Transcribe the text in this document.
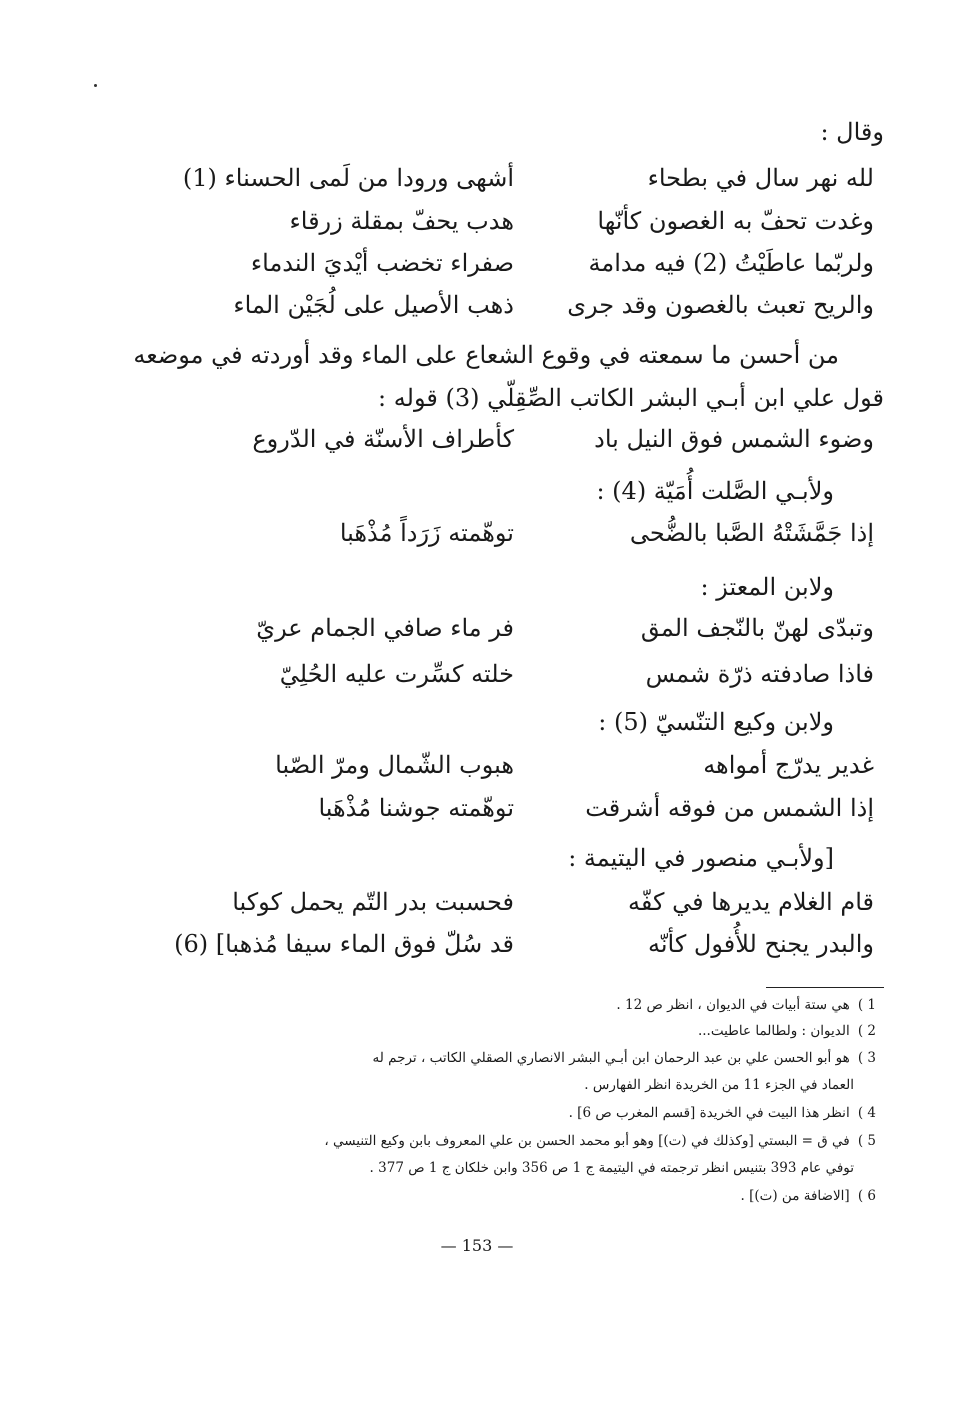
وقال :
لله نهر سال في بطحاء
أشهى ورودا من لَمى الحسناء (1)
وغدت تحفّ به الغصون كأنّها
هدب يحفّ بمقلة زرقاء
ولربّما عاطَيْتُ (2) فيه مدامة
صفراء تخضب أيْديَ الندماء
والريح تعبث بالغصون وقد جرى
ذهب الأصيل على لُجَيْن الماء
من أحسن ما سمعته في وقوع الشعاع على الماء وقد أوردته في موضعه
قول علي ابن أبـي البشر الكاتب الصِّقِلّي (3) قوله :
وضوء الشمس فوق النيل باد
كأطراف الأسنّة في الدّروع
ولأبـي الصَّلت أُمَيّة (4) :
إذا جَمَّشَتْهُ الصَّبا بالضُّحى
توهّمته زَرَداً مُذْهَبا
ولابن المعتز :
وتبدّى لهنّ بالنّجف المق
فر ماء صافي الجمام عريّ
فاذا صادفته ذرّة شمس
خلته كسِّرت عليه الحُلِيّ
ولابن وكيع التنّسيّ (5) :
غدير يدرّج أمواهه
هبوب الشّمال ومرّ الصّبا
إذا الشمس من فوقه أشرقت
توهّمته جوشنا مُذْهَبا
[ولأبـي منصور في اليتيمة :
قام الغلام يديرها في كفّه
فحسبت بدر التّم يحمل كوكبا
والبدر يجنح للأُفول كأنّه
قد سُلّ فوق الماء سيفا مُذهبا] (6)
1 ) هي ستة أبيات في الديوان ، انظر ص 12 .
2 ) الديوان : ولطالما عاطيت...
3 ) هو أبو الحسن علي بن عبد الرحمان ابن أبـي البشر الانصاري الصقلي الكاتب ، ترجم له
العماد في الجزء 11 من الخريدة انظر الفهارس .
4 ) انظر هذا البيت في الخريدة [قسم المغرب ص 6] .
5 ) في ق = البستي [وكذلك في (ت)] وهو أبو محمد الحسن بن علي المعروف بابن وكيع التنيسي ،
توفي عام 393 بتنيس انظر ترجمته في اليتيمة ج 1 ص 356 وابن خلكان ج 1 ص 377 .
6 ) [الاضافة من (ت)] .
— 153 —
